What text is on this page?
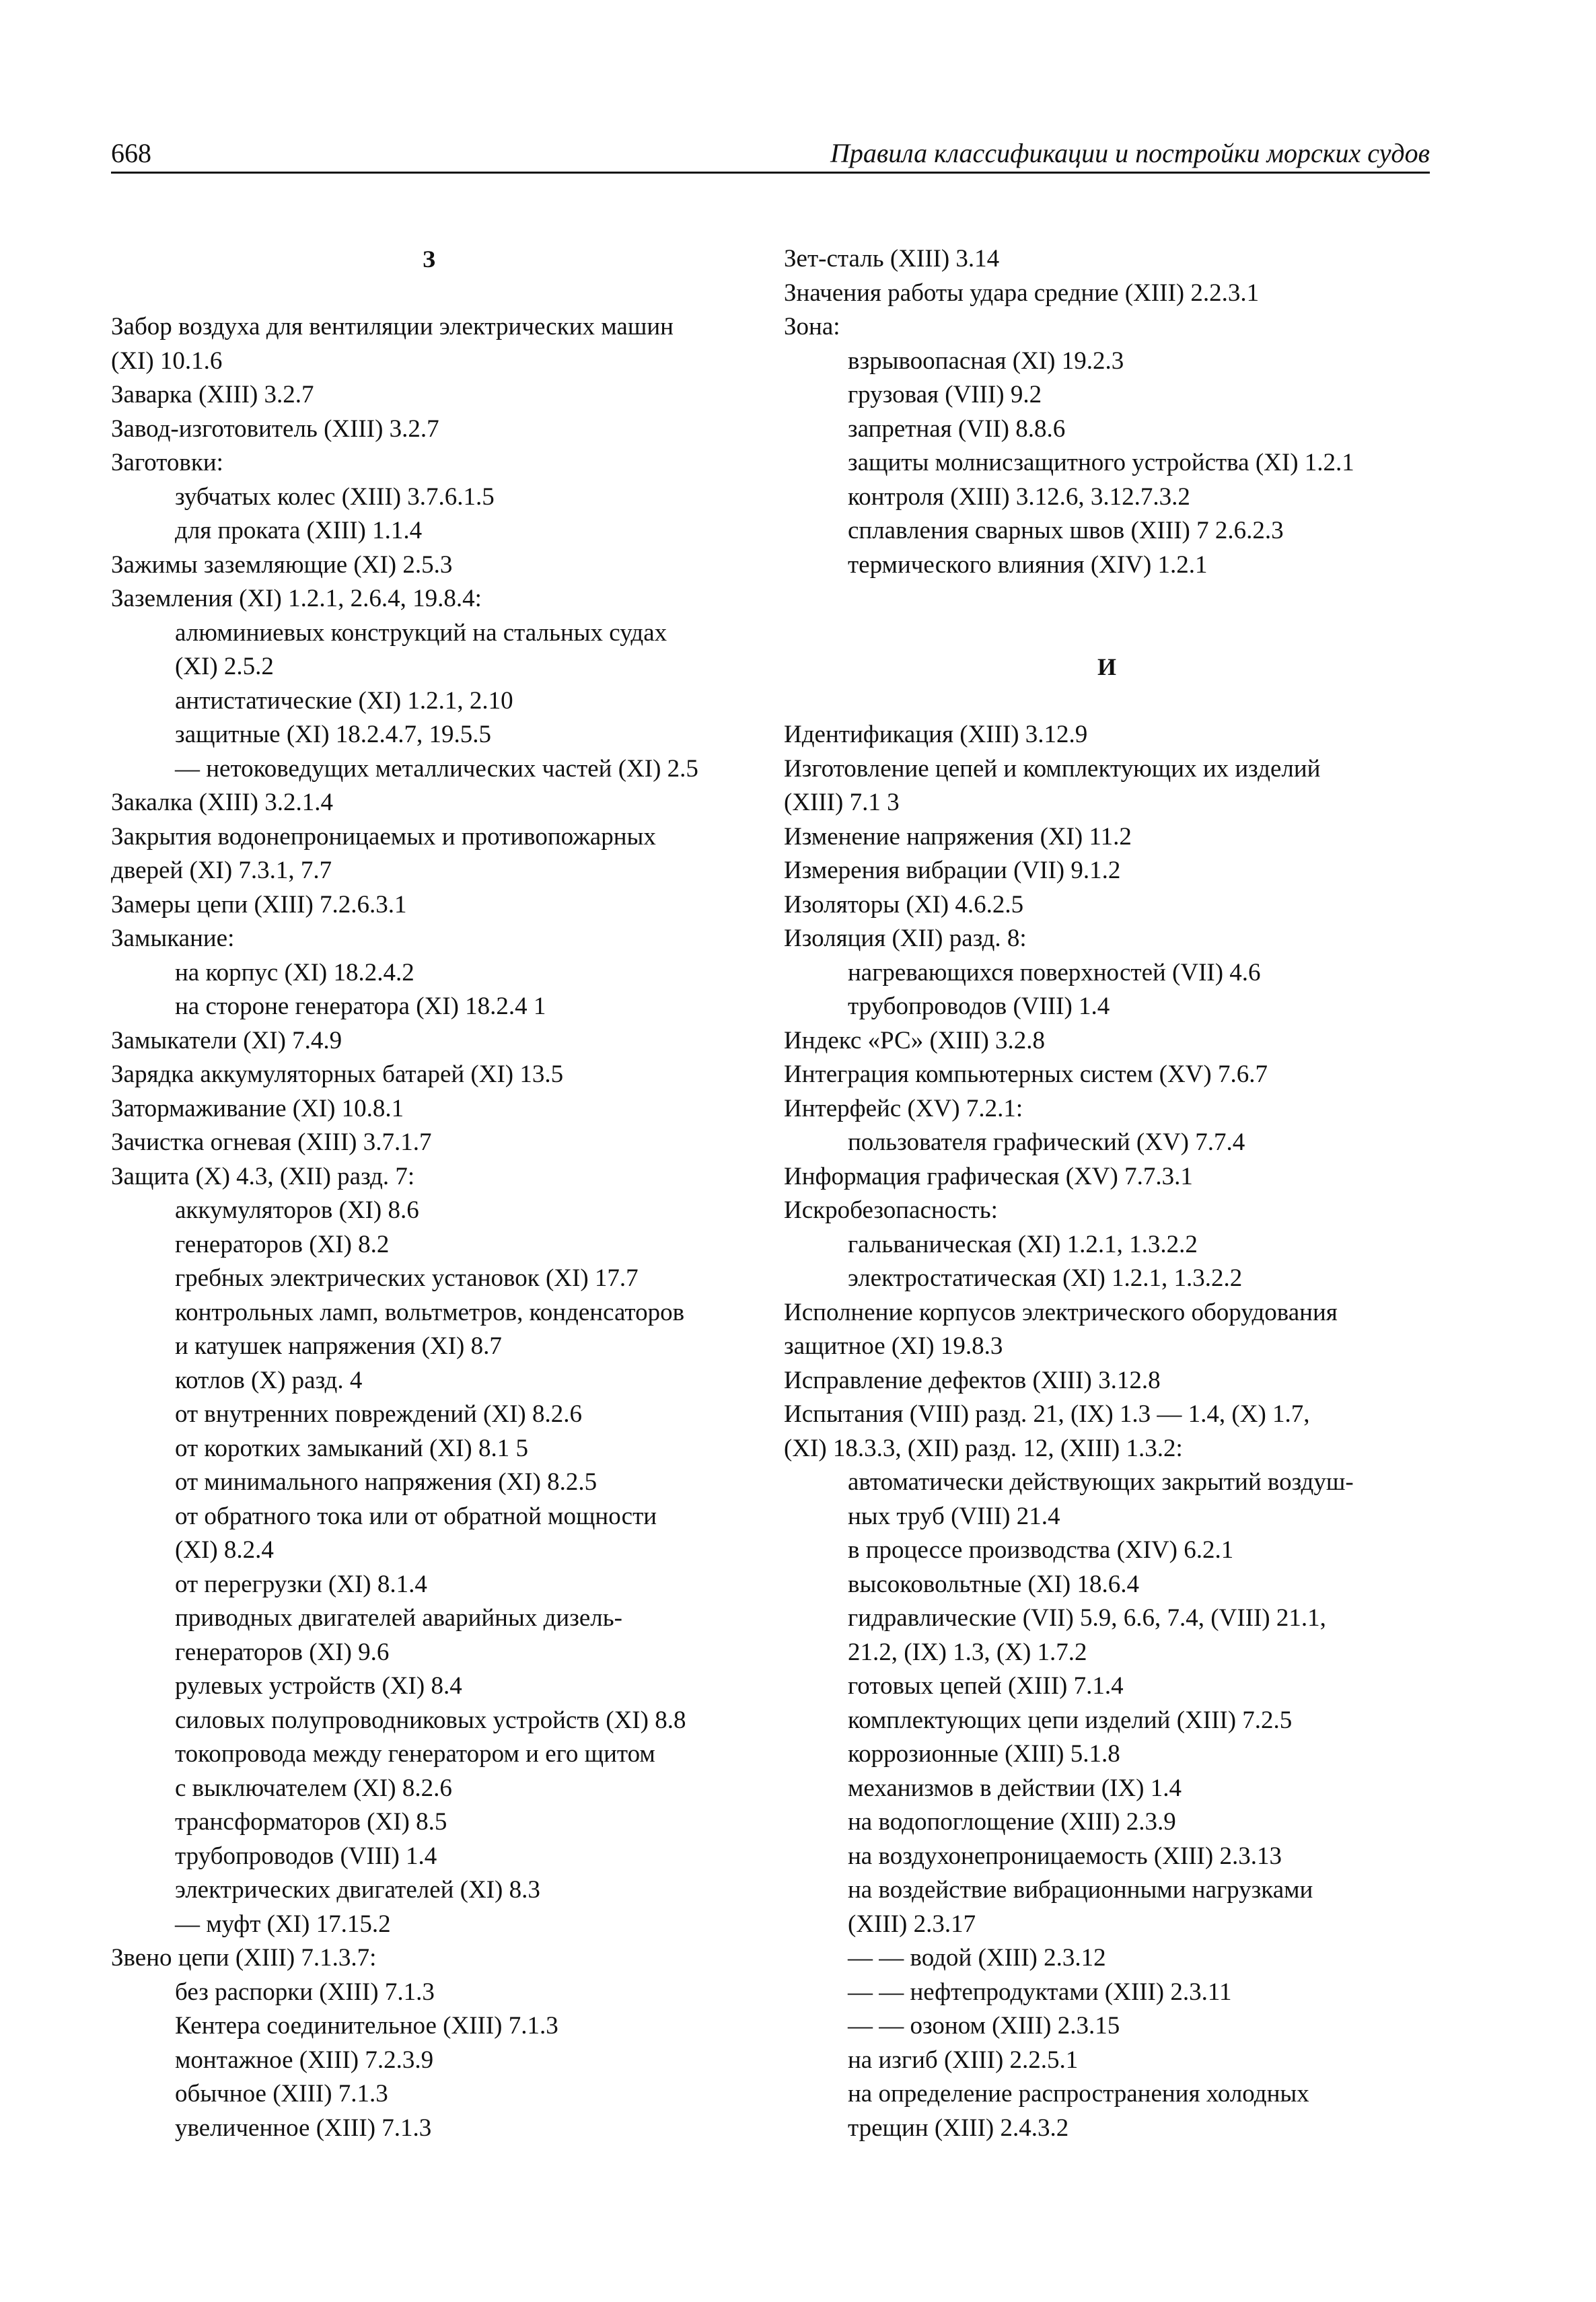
668	Правила классификации и постройки морских судов
З
Забор воздуха для вентиляции электрических машин
(XI) 10.1.6
Заварка (XIII) 3.2.7
Завод-изготовитель (XIII) 3.2.7
Заготовки:
зубчатых колес (XIII) 3.7.6.1.5
для проката (XIII) 1.1.4
Зажимы заземляющие (XI) 2.5.3
Заземления (XI) 1.2.1, 2.6.4, 19.8.4:
алюминиевых конструкций на стальных судах
(XI) 2.5.2
антистатические (XI) 1.2.1, 2.10
защитные (XI) 18.2.4.7, 19.5.5
— нетоковедущих металлических частей (XI) 2.5
Закалка (XIII) 3.2.1.4
Закрытия водонепроницаемых и противопожарных
дверей (XI) 7.3.1, 7.7
Замеры цепи (XIII) 7.2.6.3.1
Замыкание:
на корпус (XI) 18.2.4.2
на стороне генератора (XI) 18.2.4 1
Замыкатели (XI) 7.4.9
Зарядка аккумуляторных батарей (XI) 13.5
Затормаживание (XI) 10.8.1
Зачистка огневая (XIII) 3.7.1.7
Защита (X) 4.3, (XII) разд. 7:
аккумуляторов (XI) 8.6
генераторов (XI) 8.2
гребных электрических установок (XI) 17.7
контрольных ламп, вольтметров, конденсаторов
и катушек напряжения (XI) 8.7
котлов (X) разд. 4
от внутренних повреждений (XI) 8.2.6
от коротких замыканий (XI) 8.1 5
от минимального напряжения (XI) 8.2.5
от обратного тока или от обратной мощности
(XI) 8.2.4
от перегрузки (XI) 8.1.4
приводных двигателей аварийных дизель-
генераторов (XI) 9.6
рулевых устройств (XI) 8.4
силовых полупроводниковых устройств (XI) 8.8
токопровода между генератором и его щитом
с выключателем (XI) 8.2.6
трансформаторов (XI) 8.5
трубопроводов (VIII) 1.4
электрических двигателей (XI) 8.3
— муфт (XI) 17.15.2
Звено цепи (XIII) 7.1.3.7:
без распорки (XIII) 7.1.3
Кентера соединительное (XIII) 7.1.3
монтажное (XIII) 7.2.3.9
обычное (XIII) 7.1.3
увеличенное (XIII) 7.1.3
Зет-сталь (XIII) 3.14
Значения работы удара средние (XIII) 2.2.3.1
Зона:
взрывоопасная (XI) 19.2.3
грузовая (VIII) 9.2
запретная (VII) 8.8.6
защиты молнисзащитного устройства (XI) 1.2.1
контроля (XIII) 3.12.6, 3.12.7.3.2
сплавления сварных швов (XIII) 7 2.6.2.3
термического влияния (XIV) 1.2.1
И
Идентификация (XIII) 3.12.9
Изготовление цепей и комплектующих их изделий
(XIII) 7.1 3
Изменение напряжения (XI) 11.2
Измерения вибрации (VII) 9.1.2
Изоляторы (XI) 4.6.2.5
Изоляция (XII) разд. 8:
нагревающихся поверхностей (VII) 4.6
трубопроводов (VIII) 1.4
Индекс «РС» (XIII) 3.2.8
Интеграция компьютерных систем (XV) 7.6.7
Интерфейс (XV) 7.2.1:
пользователя графический (XV) 7.7.4
Информация графическая (XV) 7.7.3.1
Искробезопасность:
гальваническая (XI) 1.2.1, 1.3.2.2
электростатическая (XI) 1.2.1, 1.3.2.2
Исполнение корпусов электрического оборудования
защитное (XI) 19.8.3
Исправление дефектов (XIII) 3.12.8
Испытания (VIII) разд. 21, (IX) 1.3 — 1.4, (X) 1.7,
(XI) 18.3.3, (XII) разд. 12, (XIII) 1.3.2:
автоматически действующих закрытий воздуш-
ных труб (VIII) 21.4
в процессе производства (XIV) 6.2.1
высоковольтные (XI) 18.6.4
гидравлические (VII) 5.9, 6.6, 7.4, (VIII) 21.1,
21.2, (IX) 1.3, (X) 1.7.2
готовых цепей (XIII) 7.1.4
комплектующих цепи изделий (XIII) 7.2.5
коррозионные (XIII) 5.1.8
механизмов в действии (IX) 1.4
на водопоглощение (XIII) 2.3.9
на воздухонепроницаемость (XIII) 2.3.13
на воздействие вибрационными нагрузками
(XIII) 2.3.17
— — водой (XIII) 2.3.12
— — нефтепродуктами (XIII) 2.3.11
— — озоном (XIII) 2.3.15
на изгиб (XIII) 2.2.5.1
на определение распространения холодных
трещин (XIII) 2.4.3.2
